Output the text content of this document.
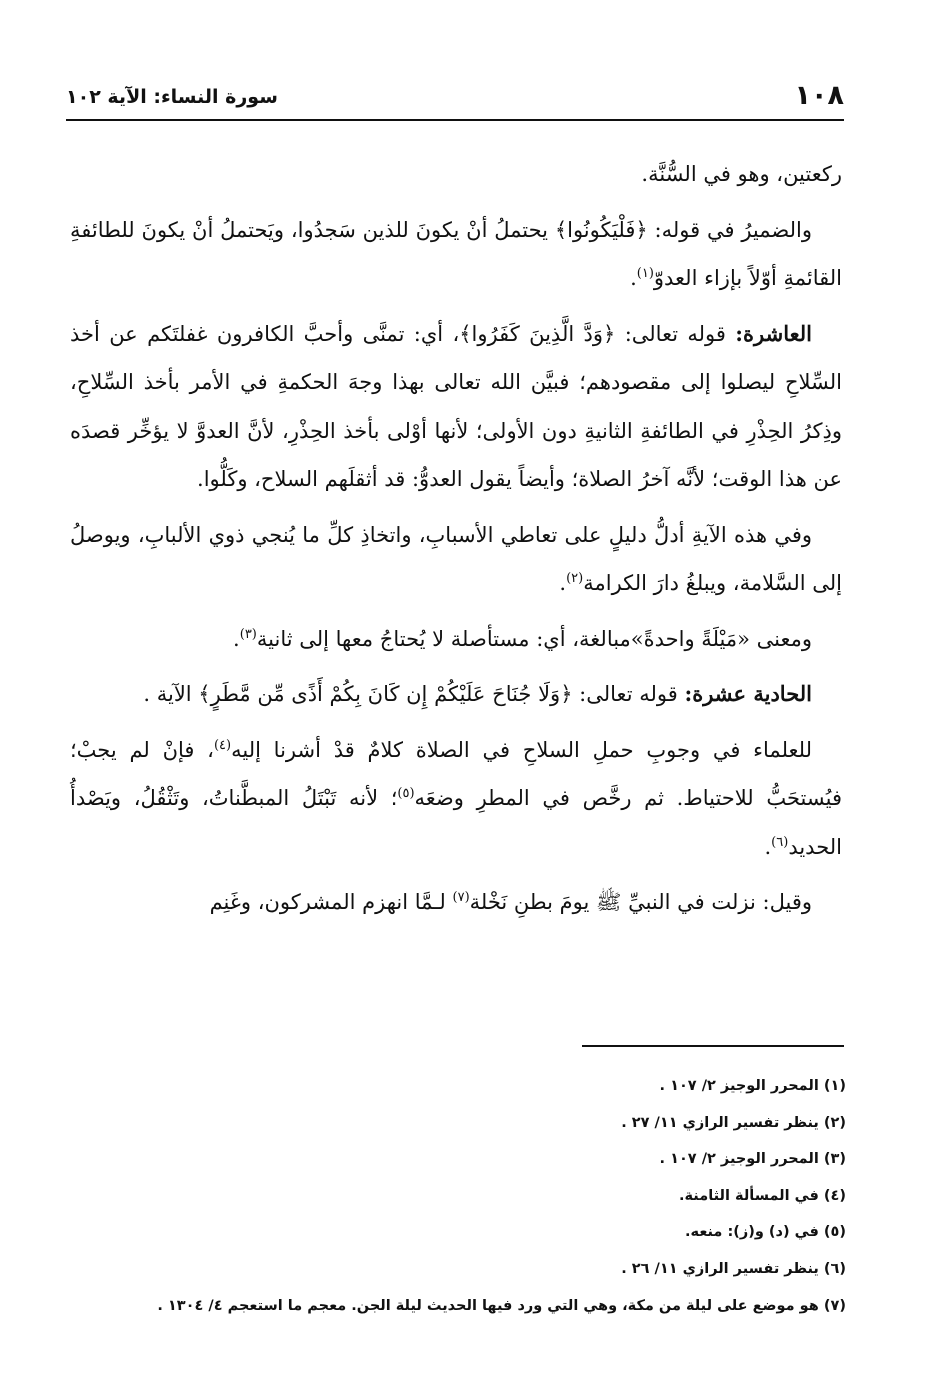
١٠٨
سورة النساء: الآية ١٠٢

ركعتين، وهو في السُّنَّة.

والضميرُ في قوله: ﴿فَلْيَكُونُوا﴾ يحتملُ أنْ يكونَ للذين سَجدُوا، ويَحتملُ أنْ يكونَ للطائفةِ القائمةِ أوّلاً بإزاء العدوّ$^{(١)}$.

العاشرة: قوله تعالى: ﴿وَدَّ الَّذِينَ كَفَرُوا﴾، أي: تمنَّى وأحبَّ الكافرون غفلتَكم عن أخذ السِّلاحِ ليصلوا إلى مقصودهم؛ فبيَّن الله تعالى بهذا وجهَ الحكمةِ في الأمر بأخذ السِّلاحِ، وذِكرُ الحِذْرِ في الطائفةِ الثانيةِ دون الأولى؛ لأنها أوْلى بأخذ الحِذْرِ، لأنَّ العدوَّ لا يؤخِّر قصدَه عن هذا الوقت؛ لأنَّه آخرُ الصلاة؛ وأيضاً يقول العدوُّ: قد أثقلَهم السلاح، وكَلُّوا.

وفي هذه الآيةِ أدلُّ دليلٍ على تعاطي الأسبابِ، واتخاذِ كلِّ ما يُنجي ذوي الألبابِ، ويوصلُ إلى السَّلامة، ويبلغُ دارَ الكرامة$^{(٢)}$.

ومعنى «مَيْلَةً واحدةً»مبالغة، أي: مستأصلة لا يُحتاجُ معها إلى ثانية$^{(٣)}$.

الحادية عشرة: قوله تعالى: ﴿وَلَا جُنَاحَ عَلَيْكُمْ إِن كَانَ بِكُمْ أَذًى مِّن مَّطَرٍ﴾ الآية .

للعلماء في وجوبِ حملِ السلاحِ في الصلاة كلامٌ قدْ أشرنا إليه$^{(٤)}$، فإنْ لم يجبْ؛ فيُستحَبُّ للاحتياط. ثم رخَّص في المطرِ وضعَه$^{(٥)}$؛ لأنه تَبْتَلُ المبطَّناتُ، وتَثْقُلُ، ويَصْدأُ الحديد$^{(٦)}$.

وقيل: نزلت في النبيِّ ﷺ يومَ بطنِ نَخْلة$^{(٧)}$ لـمَّا انهزم المشركون، وغَنِم

(١) المحرر الوجيز ٢/ ١٠٧ .

(٢) ينظر تفسير الرازي ١١/ ٢٧ .

(٣) المحرر الوجيز ٢/ ١٠٧ .

(٤) في المسألة الثامنة.

(٥) في (د) و(ز): منعه.

(٦) ينظر تفسير الرازي ١١/ ٢٦ .

(٧) هو موضع على ليلة من مكة، وهي التي ورد فيها الحديث ليلة الجن. معجم ما استعجم ٤/ ١٣٠٤ .
